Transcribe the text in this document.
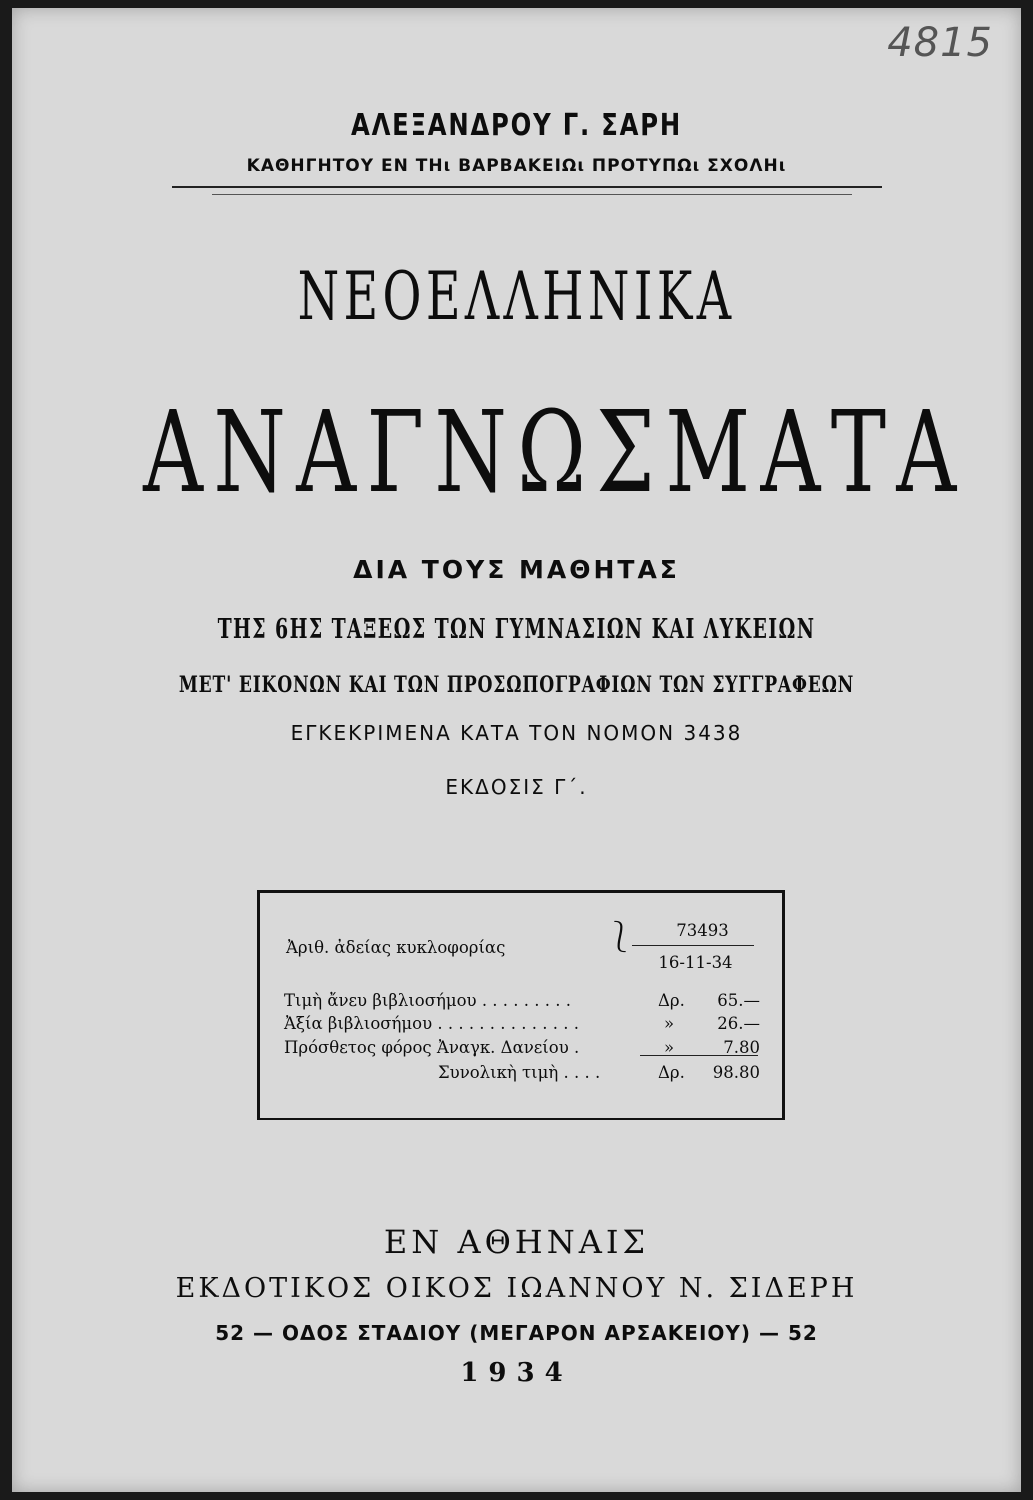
4815
ΑΛΕΞΑΝΔΡΟΥ Γ. ΣΑΡΗ
ΚΑΘΗΓΗΤΟΥ ΕΝ ΤΗι ΒΑΡΒΑΚΕΙΩι ΠΡΟΤΥΠΩι ΣΧΟΛΗι
ΝΕΟΕΛΛΗΝΙΚΑ
ΑΝΑΓΝΩΣΜΑΤΑ
ΔΙΑ ΤΟΥΣ ΜΑΘΗΤΑΣ
ΤΗΣ 6ΗΣ ΤΑΞΕΩΣ ΤΩΝ ΓΥΜΝΑΣΙΩΝ ΚΑΙ ΛΥΚΕΙΩΝ
ΜΕΤ' ΕΙΚΟΝΩΝ ΚΑΙ ΤΩΝ ΠΡΟΣΩΠΟΓΡΑΦΙΩΝ ΤΩΝ ΣΥΓΓΡΑΦΕΩΝ
ΕΓΚΕΚΡΙΜΕΝΑ ΚΑΤΑ ΤΟΝ ΝΟΜΟΝ 3438
ΕΚΔΟΣΙΣ Γ΄.
Ἀριθ. ἀδείας κυκλοφορίας	⎱	73493
16-11-34
Τιμὴ ἄνευ βιβλιοσήμου . . . . . . . . .	Δρ.	65.—
Ἀξία βιβλιοσήμου . . . . . . . . . . . . . .	»	26.—
Πρόσθετος φόρος Ἀναγκ. Δανείου .	»	7.80
Συνολικὴ τιμὴ . . . .	Δρ.	98.80
ΕΝ ΑΘΗΝΑΙΣ
ΕΚΔΟΤΙΚΟΣ ΟΙΚΟΣ ΙΩΑΝΝΟΥ Ν. ΣΙΔΕΡΗ
52 — ΟΔΟΣ ΣΤΑΔΙΟΥ (ΜΕΓΑΡΟΝ ΑΡΣΑΚΕΙΟΥ) — 52
1934
